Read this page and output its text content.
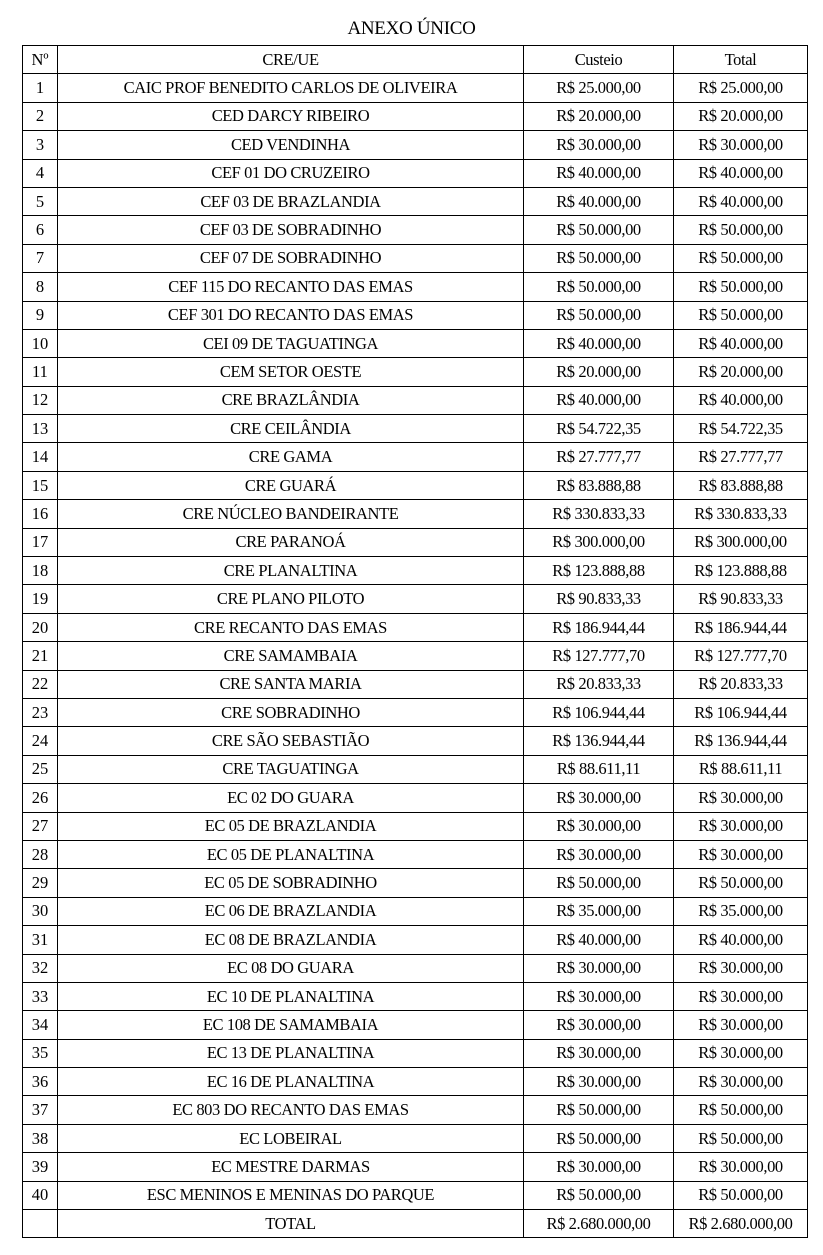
ANEXO ÚNICO
Nº	CRE/UE	Custeio	Total
1	CAIC PROF BENEDITO CARLOS DE OLIVEIRA	R$ 25.000,00	R$ 25.000,00
2	CED DARCY RIBEIRO	R$ 20.000,00	R$ 20.000,00
3	CED VENDINHA	R$ 30.000,00	R$ 30.000,00
4	CEF 01 DO CRUZEIRO	R$ 40.000,00	R$ 40.000,00
5	CEF 03 DE BRAZLANDIA	R$ 40.000,00	R$ 40.000,00
6	CEF 03 DE SOBRADINHO	R$ 50.000,00	R$ 50.000,00
7	CEF 07 DE SOBRADINHO	R$ 50.000,00	R$ 50.000,00
8	CEF 115 DO RECANTO DAS EMAS	R$ 50.000,00	R$ 50.000,00
9	CEF 301 DO RECANTO DAS EMAS	R$ 50.000,00	R$ 50.000,00
10	CEI 09 DE TAGUATINGA	R$ 40.000,00	R$ 40.000,00
11	CEM SETOR OESTE	R$ 20.000,00	R$ 20.000,00
12	CRE BRAZLÂNDIA	R$ 40.000,00	R$ 40.000,00
13	CRE CEILÂNDIA	R$ 54.722,35	R$ 54.722,35
14	CRE GAMA	R$ 27.777,77	R$ 27.777,77
15	CRE GUARÁ	R$ 83.888,88	R$ 83.888,88
16	CRE NÚCLEO BANDEIRANTE	R$ 330.833,33	R$ 330.833,33
17	CRE PARANOÁ	R$ 300.000,00	R$ 300.000,00
18	CRE PLANALTINA	R$ 123.888,88	R$ 123.888,88
19	CRE PLANO PILOTO	R$ 90.833,33	R$ 90.833,33
20	CRE RECANTO DAS EMAS	R$ 186.944,44	R$ 186.944,44
21	CRE SAMAMBAIA	R$ 127.777,70	R$ 127.777,70
22	CRE SANTA MARIA	R$ 20.833,33	R$ 20.833,33
23	CRE SOBRADINHO	R$ 106.944,44	R$ 106.944,44
24	CRE SÃO SEBASTIÃO	R$ 136.944,44	R$ 136.944,44
25	CRE TAGUATINGA	R$ 88.611,11	R$ 88.611,11
26	EC 02 DO GUARA	R$ 30.000,00	R$ 30.000,00
27	EC 05 DE BRAZLANDIA	R$ 30.000,00	R$ 30.000,00
28	EC 05 DE PLANALTINA	R$ 30.000,00	R$ 30.000,00
29	EC 05 DE SOBRADINHO	R$ 50.000,00	R$ 50.000,00
30	EC 06 DE BRAZLANDIA	R$ 35.000,00	R$ 35.000,00
31	EC 08 DE BRAZLANDIA	R$ 40.000,00	R$ 40.000,00
32	EC 08 DO GUARA	R$ 30.000,00	R$ 30.000,00
33	EC 10 DE PLANALTINA	R$ 30.000,00	R$ 30.000,00
34	EC 108 DE SAMAMBAIA	R$ 30.000,00	R$ 30.000,00
35	EC 13 DE PLANALTINA	R$ 30.000,00	R$ 30.000,00
36	EC 16 DE PLANALTINA	R$ 30.000,00	R$ 30.000,00
37	EC 803 DO RECANTO DAS EMAS	R$ 50.000,00	R$ 50.000,00
38	EC LOBEIRAL	R$ 50.000,00	R$ 50.000,00
39	EC MESTRE DARMAS	R$ 30.000,00	R$ 30.000,00
40	ESC MENINOS E MENINAS DO PARQUE	R$ 50.000,00	R$ 50.000,00
	TOTAL	R$ 2.680.000,00	R$ 2.680.000,00
